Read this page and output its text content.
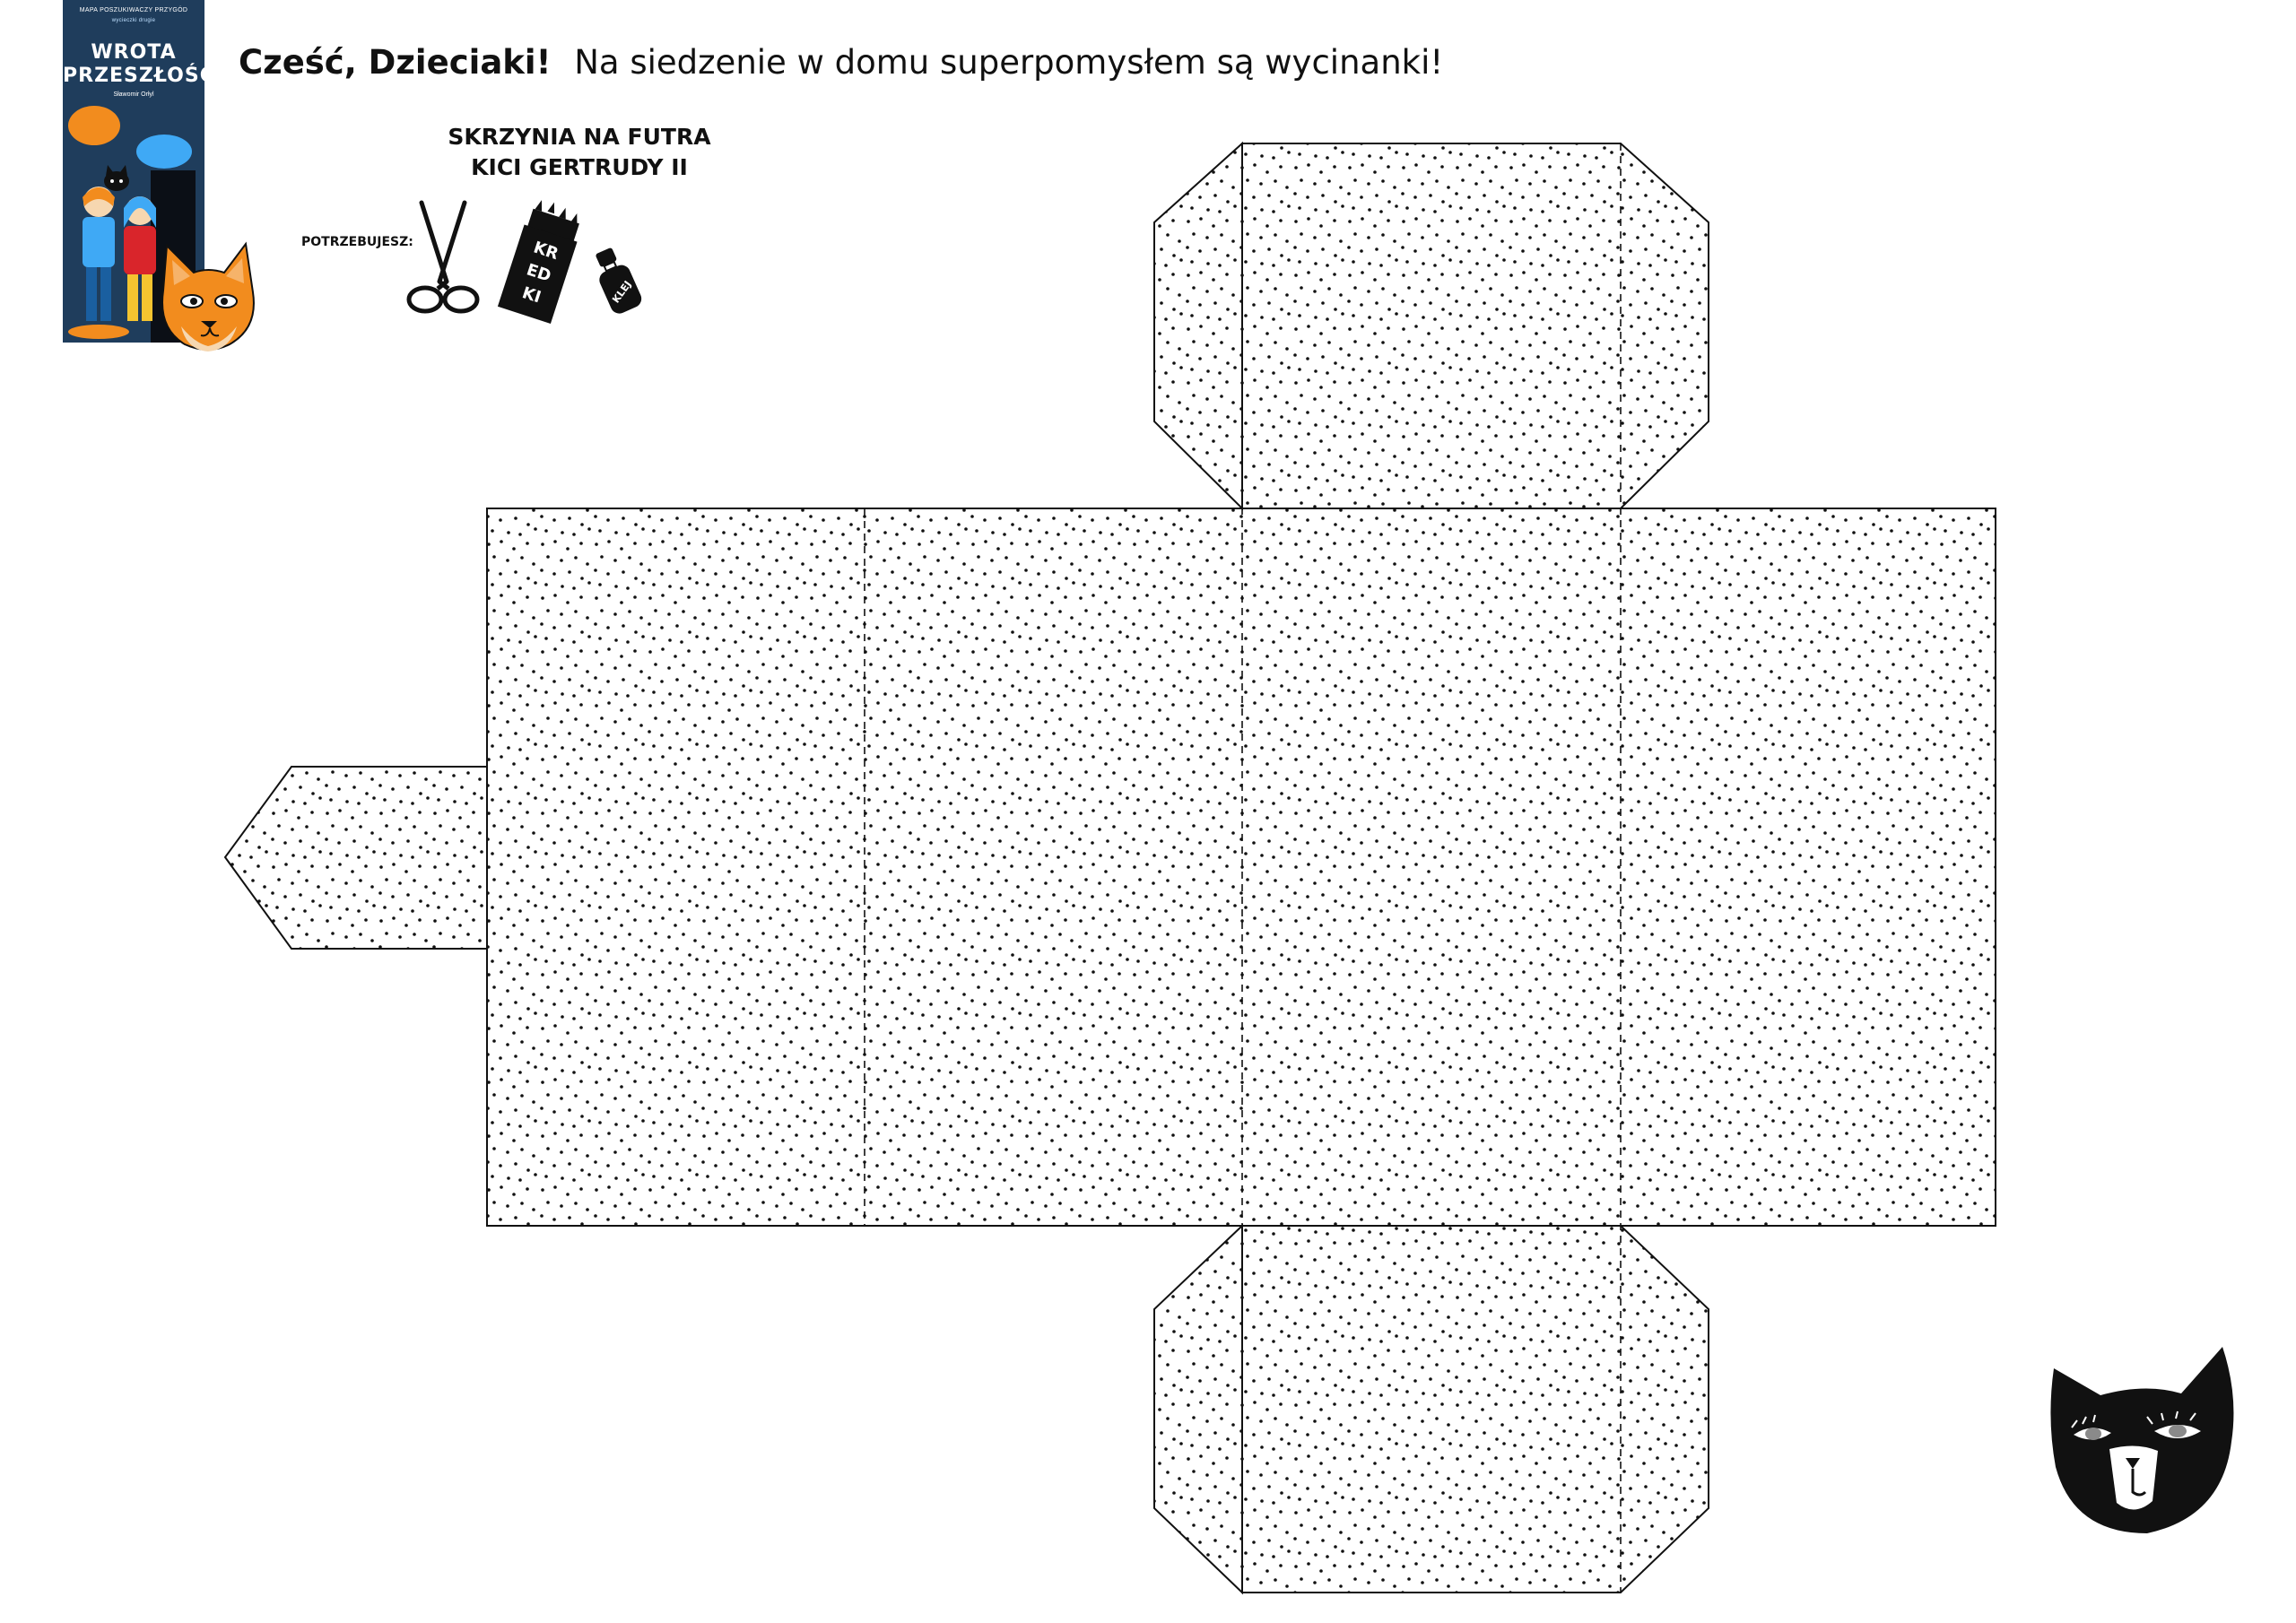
MAPA POSZUKIWACZY PRZYGÓD
wycieczki drugie
WROTA
PRZESZŁOŚCI
Sławomir Orłyl
Cześć, Dzieciaki! Na siedzenie w domu superpomysłem są wycinanki!
SKRZYNIA NA FUTRA
KICI GERTRUDY II
POTRZEBUJESZ:	KR
ED
KI	KLEJ
